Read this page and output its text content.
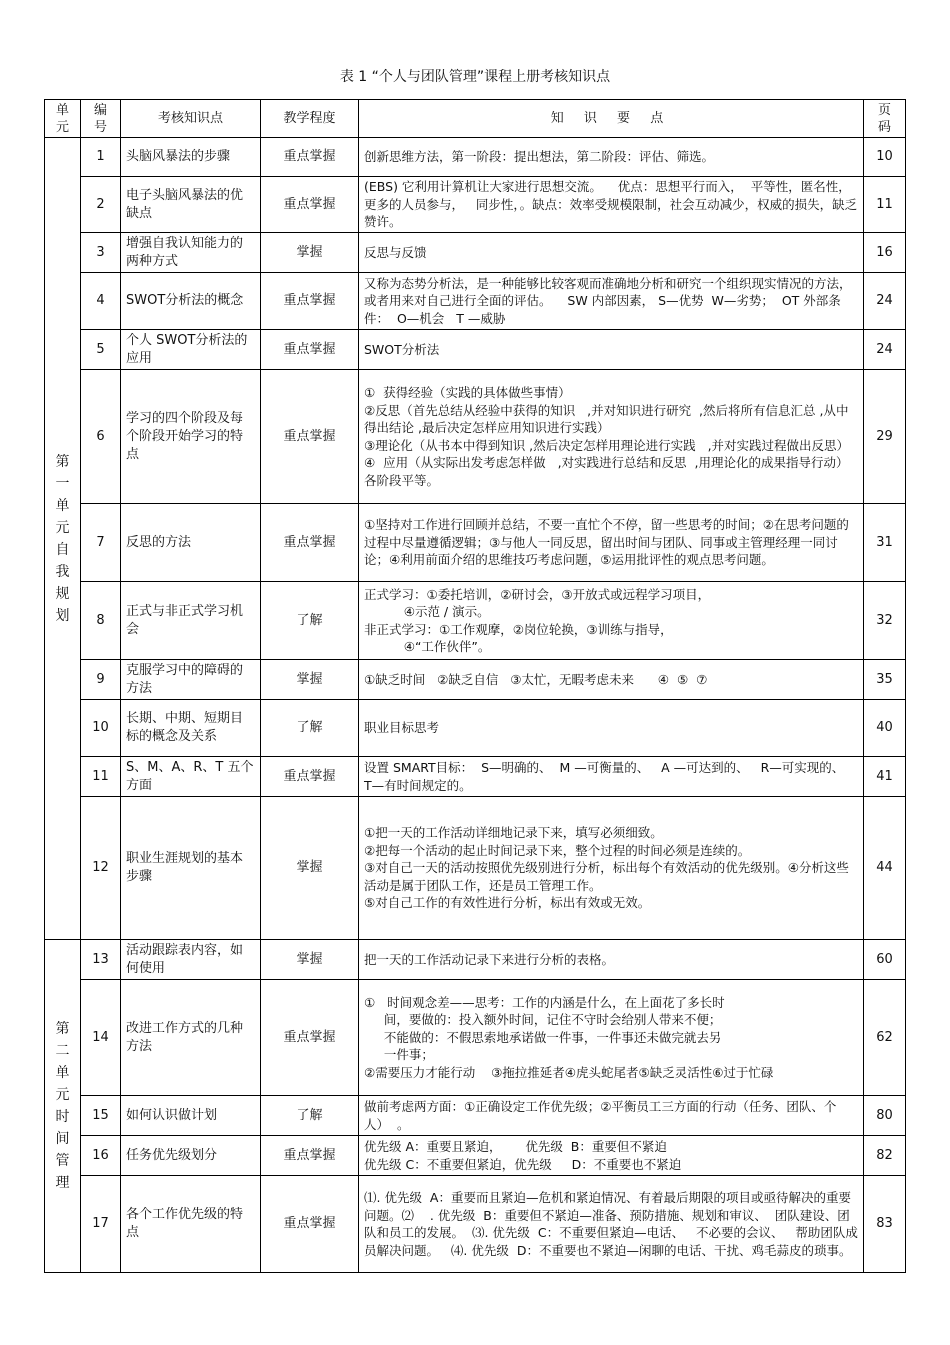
表 1 “个人与团队管理”课程上册考核知识点
单元	编号	考核知识点	教学程度	知 识 要 点	页码
第一单元自我规划	1	头脑风暴法的步骤	重点掌握	创新思维方法，第一阶段：提出想法，第二阶段：评估、筛选。	10
	2	电子头脑风暴法的优缺点	重点掌握	(EBS) 它利用计算机让大家进行思想交流。    优点：思想平行而入，  平等性，匿名性，  更多的人员参与，   同步性，。缺点：效率受规模限制，社会互动减少，权威的损失，缺乏赞许。	11
	3	增强自我认知能力的两种方式	掌握	反思与反馈	16
	4	SWOT分析法的概念	重点掌握	又称为态势分析法，是一种能够比较客观而准确地分析和研究一个组织现实情况的方法，或者用来对自己进行全面的评估。    SW 内部因素， S—优势  W—劣势；  OT 外部条件：  O—机会   T —威胁	24
	5	个人 SWOT分析法的应用	重点掌握	SWOT分析法	24
	6	学习的四个阶段及每个阶段开始学习的特点	重点掌握	①  获得经验（实践的具体做些事情）
②反思（首先总结从经验中获得的知识   ,并对知识进行研究  ,然后将所有信息汇总 ,从中得出结论 ,最后决定怎样应用知识进行实践）
③理论化（从书本中得到知识 ,然后决定怎样用理论进行实践   ,并对实践过程做出反思）
④  应用（从实际出发考虑怎样做   ,对实践进行总结和反思  ,用理论化的成果指导行动）      各阶段平等。	29
	7	反思的方法	重点掌握	①坚持对工作进行回顾并总结，不要一直忙个不停，留一些思考的时间；②在思考问题的过程中尽量遵循逻辑；③与他人一同反思，留出时间与团队、同事或主管理经理一同讨论；④利用前面介绍的思维技巧考虑问题，⑤运用批评性的观点思考问题。	31
	8	正式与非正式学习机会	了解	正式学习：①委托培训，②研讨会，③开放式或远程学习项目，
④示范 / 演示。
非正式学习：①工作观摩，②岗位轮换，③训练与指导，
④“工作伙伴”。	32
	9	克服学习中的障碍的方法	掌握	①缺乏时间   ②缺乏自信   ③太忙，无暇考虑未来      ④  ⑤  ⑦	35
	10	长期、中期、短期目标的概念及关系	了解	职业目标思考	40
	11	S、M、A、R、T 五个方面	重点掌握	设置 SMART目标：  S—明确的、  M —可衡量的、   A —可达到的、   R—可实现的、  T—有时间规定的。	41
	12	职业生涯规划的基本步骤	掌握	①把一天的工作活动详细地记录下来，填写必须细致。
②把每一个活动的起止时间记录下来，整个过程的时间必须是连续的。
③对自己一天的活动按照优先级别进行分析，标出每个有效活动的优先级别。④分析这些活动是属于团队工作，还是员工管理工作。
⑤对自己工作的有效性进行分析，标出有效或无效。	44
第二单元时间管理	13	活动跟踪表内容，如何使用	掌握	把一天的工作活动记录下来进行分析的表格。	60
	14	改进工作方式的几种方法	重点掌握	①   时间观念差——思考：工作的内涵是什么，在上面花了多长时
间，要做的：投入额外时间，记住不守时会给别人带来不便；
不能做的：不假思索地承诺做一件事，一件事还未做完就去另
一件事；
②需要压力才能行动    ③拖拉推延者④虎头蛇尾者⑤缺乏灵活性⑥过于忙碌	62
	15	如何认识做计划	了解	做前考虑两方面：①正确设定工作优先级；②平衡员工三方面的行动（任务、团队、个人）  。	80
	16	任务优先级划分	重点掌握	优先级 A：重要且紧迫，      优先级  B：重要但不紧迫
优先级 C：不重要但紧迫，优先级     D：不重要也不紧迫	82
	17	各个工作优先级的特点	重点掌握	⑴. 优先级  A：重要而且紧迫—危机和紧迫情况、有着最后期限的项目或亟待解决的重要问题。⑵    . 优先级  B：重要但不紧迫—准备、预防措施、规划和审议、  团队建设、团队和员工的发展。  ⑶. 优先级  C：不重要但紧迫—电话、   不必要的会议、   帮助团队成员解决问题。   ⑷. 优先级  D：不重要也不紧迫—闲聊的电话、干扰、鸡毛蒜皮的琐事。	83
